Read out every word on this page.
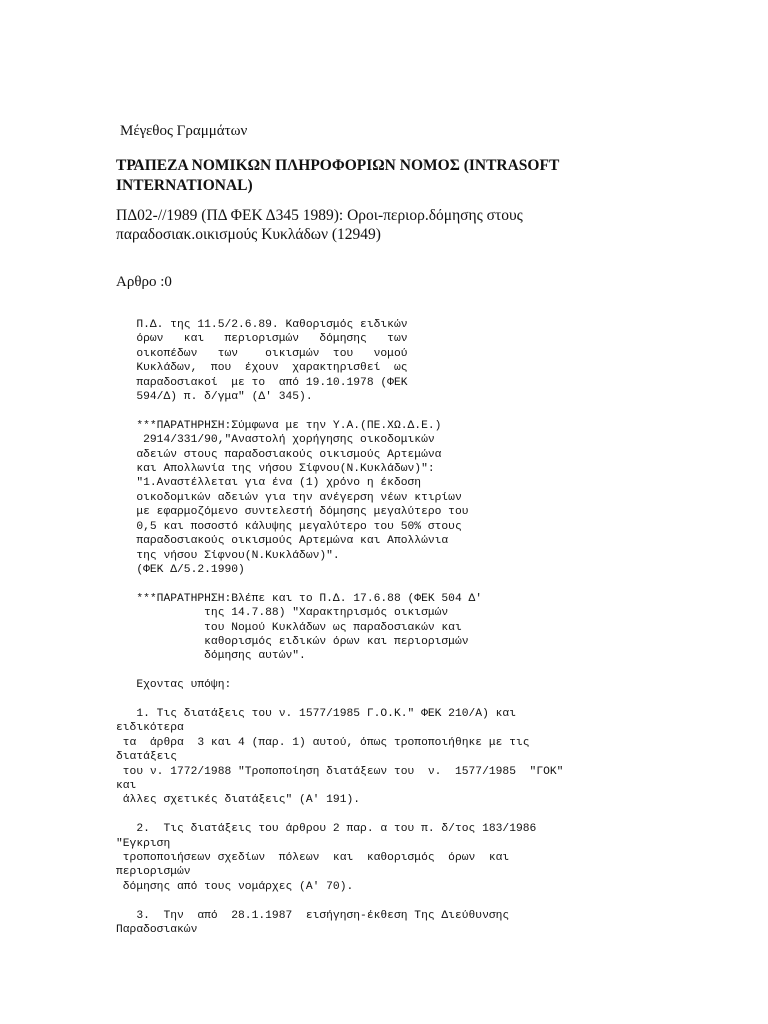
Μέγεθος Γραμμάτων
ΤΡΑΠΕΖΑ ΝΟΜΙΚΩΝ ΠΛΗΡΟΦΟΡΙΩΝ ΝΟΜΟΣ (INTRASOFT
INTERNATIONAL)
ΠΔ02-//1989 (ΠΔ ΦΕΚ Δ345 1989): Οροι-περιορ.δόμησης στους
παραδοσιακ.οικισμούς Κυκλάδων (12949)
Αρθρο :0
Π.Δ. της 11.5/2.6.89. Καθορισμός ειδικών
όρων   και   περιορισμών   δόμησης   των
οικοπέδων   των    οικισμών  του   νομού
Κυκλάδων,  που  έχουν  χαρακτηρισθεί  ως
παραδοσιακοί  με το  από 19.10.1978 (ΦΕΚ
594/Δ) π. δ/γμα" (Δ' 345).

***ΠΑΡΑΤΗΡΗΣΗ:Σύμφωνα με την Υ.Α.(ΠΕ.ΧΩ.Δ.Ε.)
2914/331/90,"Αναστολή χορήγησης οικοδομικών
αδειών στους παραδοσιακούς οικισμούς Αρτεμώνα
και Απολλωνία της νήσου Σίφνου(Ν.Κυκλάδων)":
"1.Αναστέλλεται για ένα (1) χρόνο η έκδοση
οικοδομικών αδειών για την ανέγερση νέων κτιρίων
με εφαρμοζόμενο συντελεστή δόμησης μεγαλύτερο του
0,5 και ποσοστό κάλυψης μεγαλύτερο του 50% στους
παραδοσιακούς οικισμούς Αρτεμώνα και Απολλώνια
της νήσου Σίφνου(Ν.Κυκλάδων)".
(ΦΕΚ Δ/5.2.1990)

***ΠΑΡΑΤΗΡΗΣΗ:Βλέπε και το Π.Δ. 17.6.88 (ΦΕΚ 504 Δ'
της 14.7.88) "Χαρακτηρισμός οικισμών
του Νομού Κυκλάδων ως παραδοσιακών και
καθορισμός ειδικών όρων και περιορισμών
δόμησης αυτών".

Εχοντας υπόψη:

1. Τις διατάξεις του ν. 1577/1985 Γ.Ο.Κ." ΦΕΚ 210/Α) και
ειδικότερα
τα  άρθρα  3 και 4 (παρ. 1) αυτού, όπως τροποποιήθηκε με τις
διατάξεις
του ν. 1772/1988 "Τροποποίηση διατάξεων του  ν.  1577/1985  "ΓΟΚ"
και
άλλες σχετικές διατάξεις" (Α' 191).

2.  Τις διατάξεις του άρθρου 2 παρ. α του π. δ/τος 183/1986
"Εγκριση
τροποποιήσεων σχεδίων  πόλεων  και  καθορισμός  όρων  και
περιορισμών
δόμησης από τους νομάρχες (Α' 70).

3.  Την  από  28.1.1987  εισήγηση-έκθεση Της Διεύθυνσης
Παραδοσιακών
